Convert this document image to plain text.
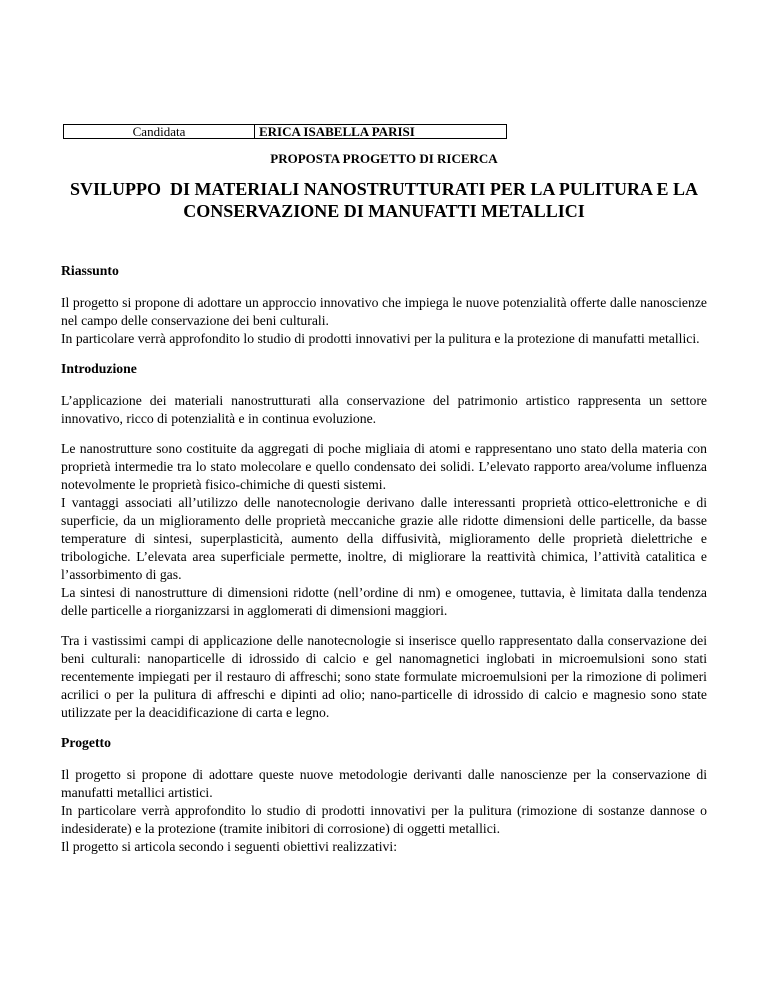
Candidata	ERICA ISABELLA PARISI
PROPOSTA PROGETTO DI RICERCA
SVILUPPO  DI MATERIALI NANOSTRUTTURATI PER LA PULITURA E LA
CONSERVAZIONE DI MANUFATTI METALLICI
Riassunto

Il progetto si propone di adottare un approccio innovativo che impiega le nuove potenzialità offerte dalle nanoscienze nel campo delle conservazione dei beni culturali.
In particolare verrà approfondito lo studio di prodotti innovativi per la pulitura e la protezione di manufatti metallici.

Introduzione

L’applicazione dei materiali nanostrutturati alla conservazione del patrimonio artistico rappresenta un settore innovativo, ricco di potenzialità e in continua evoluzione.

Le nanostrutture sono costituite da aggregati di poche migliaia di atomi e rappresentano uno stato della materia con proprietà intermedie tra lo stato molecolare e quello condensato dei solidi. L’elevato rapporto area/volume influenza notevolmente le proprietà fisico-chimiche di questi sistemi.
I vantaggi associati all’utilizzo delle nanotecnologie derivano dalle interessanti proprietà ottico-elettroniche e di superficie, da un miglioramento delle proprietà meccaniche grazie alle ridotte dimensioni delle particelle, da basse temperature di sintesi, superplasticità, aumento della diffusività, miglioramento delle proprietà dielettriche e tribologiche. L’elevata area superficiale permette, inoltre, di migliorare la reattività chimica, l’attività catalitica e l’assorbimento di gas.
La sintesi di nanostrutture di dimensioni ridotte (nell’ordine di nm) e omogenee, tuttavia, è limitata dalla tendenza delle particelle a riorganizzarsi in agglomerati di dimensioni maggiori.

Tra i vastissimi campi di applicazione delle nanotecnologie si inserisce quello rappresentato dalla conservazione dei beni culturali: nanoparticelle di idrossido di calcio e gel nanomagnetici inglobati in microemulsioni sono stati recentemente impiegati per il restauro di affreschi; sono state formulate microemulsioni per la rimozione di polimeri acrilici o per la pulitura di affreschi e dipinti ad olio; nano-particelle di idrossido di calcio e magnesio sono state utilizzate per la deacidificazione di carta e legno.

Progetto

Il progetto si propone di adottare queste nuove metodologie derivanti dalle nanoscienze per la conservazione di manufatti metallici artistici.
In particolare verrà approfondito lo studio di prodotti innovativi per la pulitura (rimozione di sostanze dannose o indesiderate) e la protezione (tramite inibitori di corrosione) di oggetti metallici.
Il progetto si articola secondo i seguenti obiettivi realizzativi:
